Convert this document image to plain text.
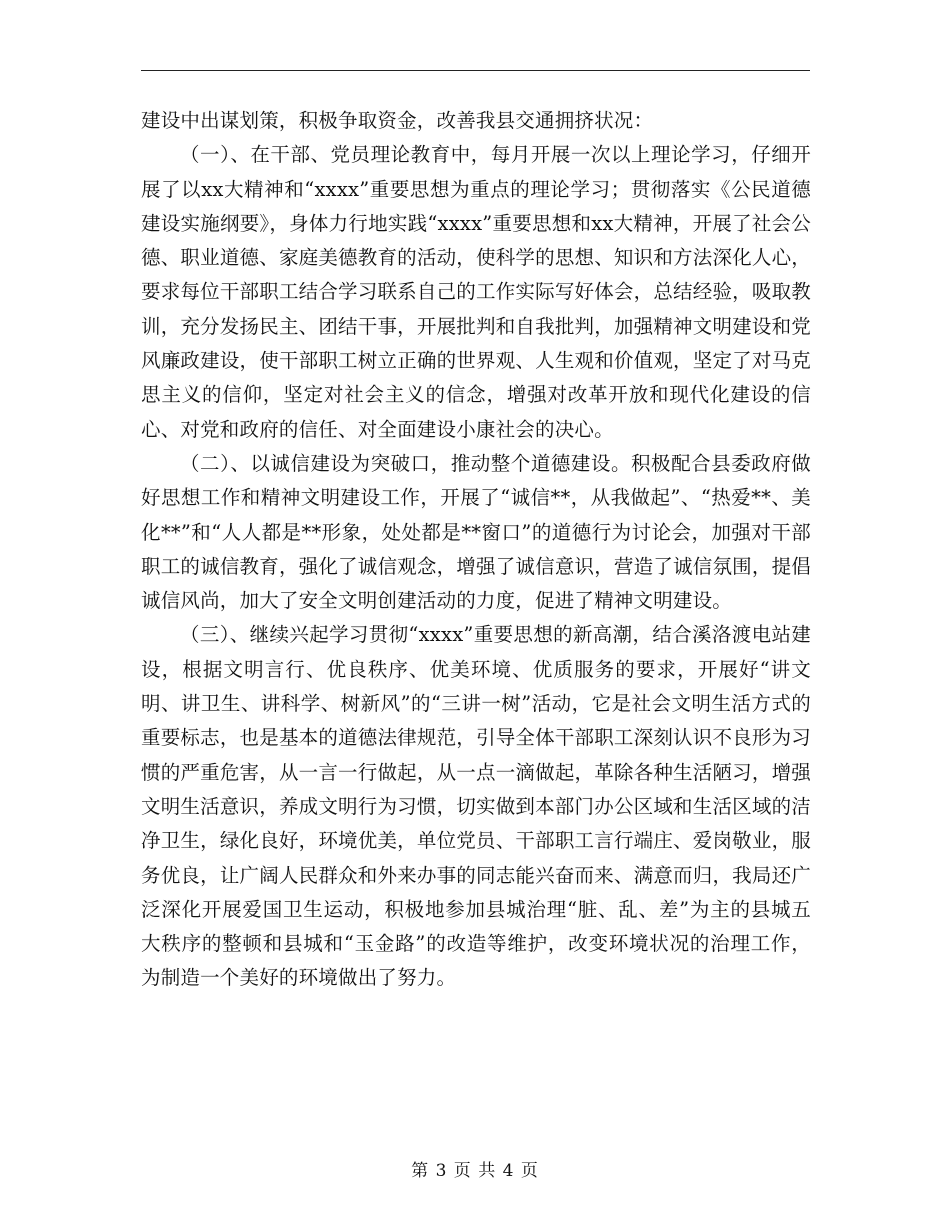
建设中出谋划策，积极争取资金，改善我县交通拥挤状况：

（一）、在干部、党员理论教育中，每月开展一次以上理论学习，仔细开展了以xx大精神和“xxxx”重要思想为重点的理论学习；贯彻落实《公民道德建设实施纲要》，身体力行地实践“xxxx”重要思想和xx大精神，开展了社会公德、职业道德、家庭美德教育的活动，使科学的思想、知识和方法深化人心，要求每位干部职工结合学习联系自己的工作实际写好体会，总结经验，吸取教训，充分发扬民主、团结干事，开展批判和自我批判，加强精神文明建设和党风廉政建设，使干部职工树立正确的世界观、人生观和价值观，坚定了对马克思主义的信仰，坚定对社会主义的信念，增强对改革开放和现代化建设的信心、对党和政府的信任、对全面建设小康社会的决心。

（二）、以诚信建设为突破口，推动整个道德建设。积极配合县委政府做好思想工作和精神文明建设工作，开展了“诚信**，从我做起”、“热爱**、美化**”和“人人都是**形象，处处都是**窗口”的道德行为讨论会，加强对干部职工的诚信教育，强化了诚信观念，增强了诚信意识，营造了诚信氛围，提倡诚信风尚，加大了安全文明创建活动的力度，促进了精神文明建设。

（三）、继续兴起学习贯彻“xxxx”重要思想的新高潮，结合溪洛渡电站建设，根据文明言行、优良秩序、优美环境、优质服务的要求，开展好“讲文明、讲卫生、讲科学、树新风”的“三讲一树”活动，它是社会文明生活方式的重要标志，也是基本的道德法律规范，引导全体干部职工深刻认识不良形为习惯的严重危害，从一言一行做起，从一点一滴做起，革除各种生活陋习，增强文明生活意识，养成文明行为习惯，切实做到本部门办公区域和生活区域的洁净卫生，绿化良好，环境优美，单位党员、干部职工言行端庄、爱岗敬业，服务优良，让广阔人民群众和外来办事的同志能兴奋而来、满意而归，我局还广泛深化开展爱国卫生运动，积极地参加县城治理“脏、乱、差”为主的县城五大秩序的整顿和县城和“玉金路”的改造等维护，改变环境状况的治理工作，为制造一个美好的环境做出了努力。

第 3 页 共 4 页
